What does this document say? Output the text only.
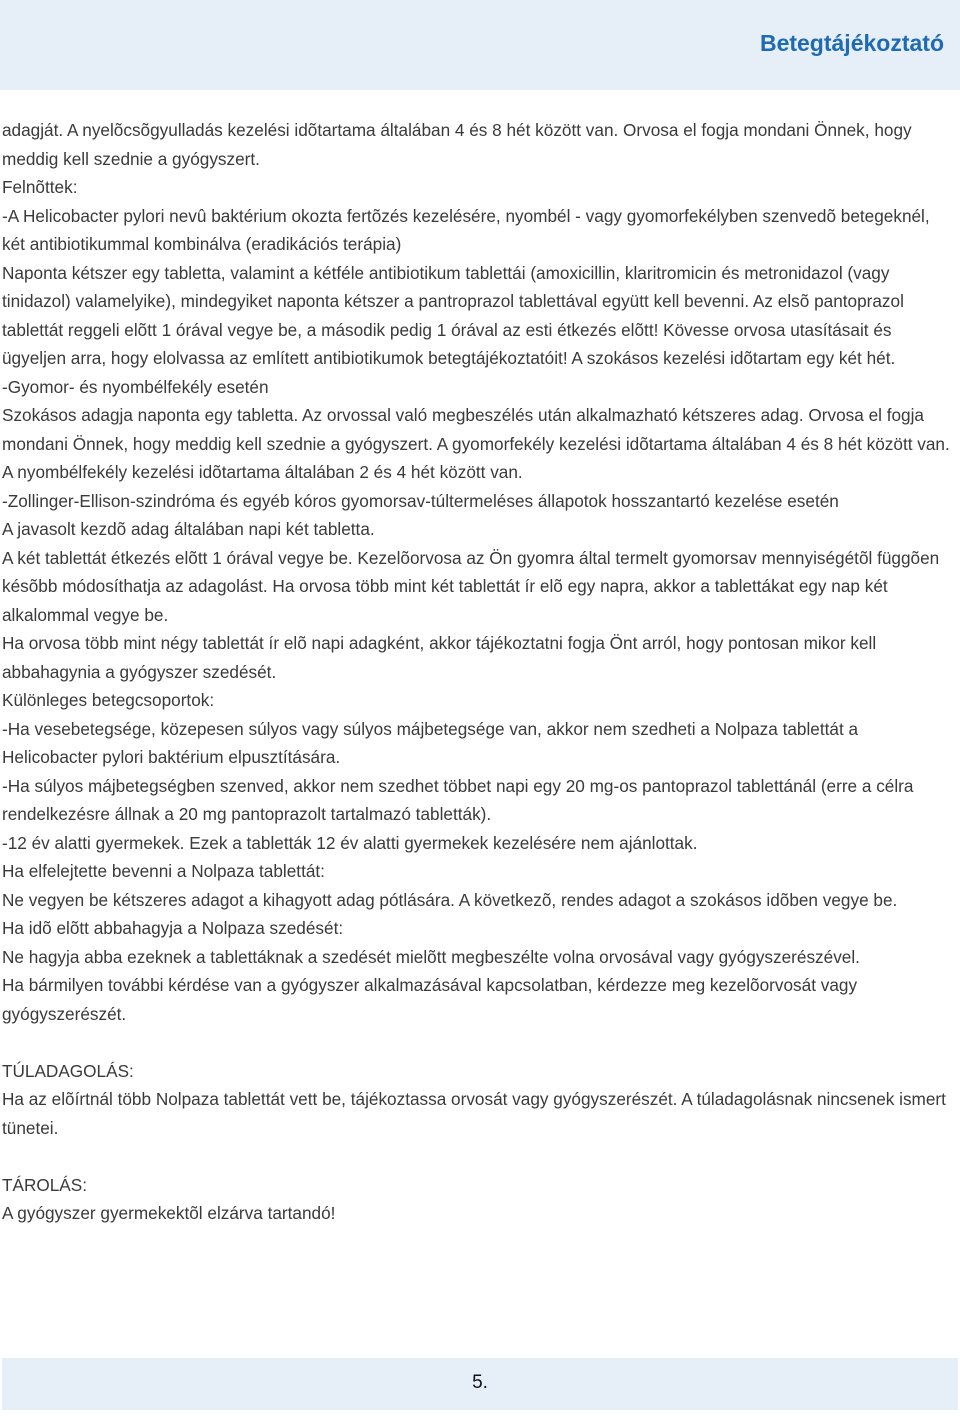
Betegtájékoztató

adagját. A nyelõcsõgyulladás kezelési idõtartama általában 4 és 8 hét között van. Orvosa el fogja mondani Önnek, hogy meddig kell szednie a gyógyszert.

Felnõttek:

-A Helicobacter pylori nevû baktérium okozta fertõzés kezelésére, nyombél - vagy gyomorfekélyben szenvedõ betegeknél, két antibiotikummal kombinálva (eradikációs terápia)

Naponta kétszer egy tabletta, valamint a kétféle antibiotikum tablettái (amoxicillin, klaritromicin és metronidazol (vagy tinidazol) valamelyike), mindegyiket naponta kétszer a pantroprazol tablettával együtt kell bevenni. Az elsõ pantoprazol tablettát reggeli elõtt 1 órával vegye be, a második pedig 1 órával az esti étkezés elõtt! Kövesse orvosa utasításait és ügyeljen arra, hogy elolvassa az említett antibiotikumok betegtájékoztatóit! A szokásos kezelési idõtartam egy két hét.

-Gyomor- és nyombélfekély esetén

Szokásos adagja naponta egy tabletta. Az orvossal való megbeszélés után alkalmazható kétszeres adag. Orvosa el fogja mondani Önnek, hogy meddig kell szednie a gyógyszert. A gyomorfekély kezelési idõtartama általában 4 és 8 hét között van. A nyombélfekély kezelési idõtartama általában 2 és 4 hét között van.

-Zollinger-Ellison-szindróma és egyéb kóros gyomorsav-túltermeléses állapotok hosszantartó kezelése esetén

A javasolt kezdõ adag általában napi két tabletta.

A két tablettát étkezés elõtt 1 órával vegye be. Kezelõorvosa az Ön gyomra által termelt gyomorsav mennyiségétõl függõen késõbb módosíthatja az adagolást. Ha orvosa több mint két tablettát ír elõ egy napra, akkor a tablettákat egy nap két alkalommal vegye be.

Ha orvosa több mint négy tablettát ír elõ napi adagként, akkor tájékoztatni fogja Önt arról, hogy pontosan mikor kell abbahagynia a gyógyszer szedését.

Különleges betegcsoportok:

-Ha vesebetegsége, közepesen súlyos vagy súlyos májbetegsége van, akkor nem szedheti a Nolpaza tablettát a Helicobacter pylori baktérium elpusztítására.

-Ha súlyos májbetegségben szenved, akkor nem szedhet többet napi egy 20 mg-os pantoprazol tablettánál (erre a célra rendelkezésre állnak a 20 mg pantoprazolt tartalmazó tabletták).

-12 év alatti gyermekek. Ezek a tabletták 12 év alatti gyermekek kezelésére nem ajánlottak.

Ha elfelejtette bevenni a Nolpaza tablettát:

Ne vegyen be kétszeres adagot a kihagyott adag pótlására. A következõ, rendes adagot a szokásos idõben vegye be.

Ha idõ elõtt abbahagyja a Nolpaza szedését:

Ne hagyja abba ezeknek a tablettáknak a szedését mielõtt megbeszélte volna orvosával vagy gyógyszerészével.

Ha bármilyen további kérdése van a gyógyszer alkalmazásával kapcsolatban, kérdezze meg kezelõorvosát vagy gyógyszerészét.

TÚLADAGOLÁS:

Ha az elõírtnál több Nolpaza tablettát vett be, tájékoztassa orvosát vagy gyógyszerészét. A túladagolásnak nincsenek ismert tünetei.

TÁROLÁS:

A gyógyszer gyermekektõl elzárva tartandó!

5.
